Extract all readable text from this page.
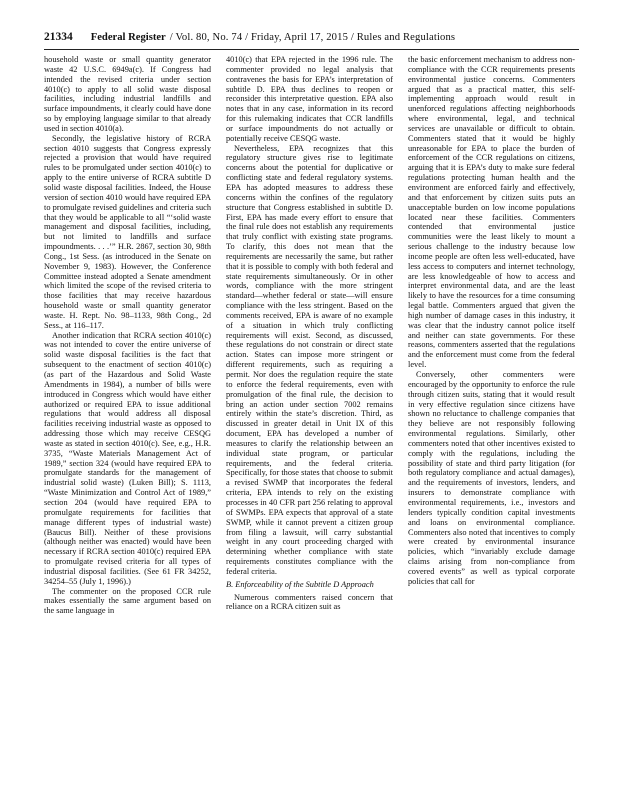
21334 Federal Register / Vol. 80, No. 74 / Friday, April 17, 2015 / Rules and Regulations

household waste or small quantity generator waste 42 U.S.C. 6949a(c). If Congress had intended the revised criteria under section 4010(c) to apply to all solid waste disposal facilities, including industrial landfills and surface impoundments, it clearly could have done so by employing language similar to that already used in section 4010(a).

Secondly, the legislative history of RCRA section 4010 suggests that Congress expressly rejected a provision that would have required rules to be promulgated under section 4010(c) to apply to the entire universe of RCRA subtitle D solid waste disposal facilities. Indeed, the House version of section 4010 would have required EPA to promulgate revised guidelines and criteria such that they would be applicable to all “‘solid waste management and disposal facilities, including, but not limited to landfills and surface impoundments. . . .’” H.R. 2867, section 30, 98th Cong., 1st Sess. (as introduced in the Senate on November 9, 1983). However, the Conference Committee instead adopted a Senate amendment which limited the scope of the revised criteria to those facilities that may receive hazardous household waste or small quantity generator waste. H. Rept. No. 98–1133, 98th Cong., 2d Sess., at 116–117.

Another indication that RCRA section 4010(c) was not intended to cover the entire universe of solid waste disposal facilities is the fact that subsequent to the enactment of section 4010(c) (as part of the Hazardous and Solid Waste Amendments in 1984), a number of bills were introduced in Congress which would have either authorized or required EPA to issue additional regulations that would address all disposal facilities receiving industrial waste as opposed to addressing those which may receive CESQG waste as stated in section 4010(c). See, e.g., H.R. 3735, “Waste Materials Management Act of 1989,” section 324 (would have required EPA to promulgate standards for the management of industrial solid waste) (Luken Bill); S. 1113, “Waste Minimization and Control Act of 1989,” section 204 (would have required EPA to promulgate requirements for facilities that manage different types of industrial waste) (Baucus Bill). Neither of these provisions (although neither was enacted) would have been necessary if RCRA section 4010(c) required EPA to promulgate revised criteria for all types of industrial disposal facilities. (See 61 FR 34252, 34254–55 (July 1, 1996).)

The commenter on the proposed CCR rule makes essentially the same argument based on the same language in

4010(c) that EPA rejected in the 1996 rule. The commenter provided no legal analysis that contravenes the basis for EPA’s interpretation of subtitle D. EPA thus declines to reopen or reconsider this interpretative question. EPA also notes that in any case, information in its record for this rulemaking indicates that CCR landfills or surface impoundments do not actually or potentially receive CESQG waste.

Nevertheless, EPA recognizes that this regulatory structure gives rise to legitimate concerns about the potential for duplicative or conflicting state and federal regulatory systems. EPA has adopted measures to address these concerns within the confines of the regulatory structure that Congress established in subtitle D. First, EPA has made every effort to ensure that the final rule does not establish any requirements that truly conflict with existing state programs. To clarify, this does not mean that the requirements are necessarily the same, but rather that it is possible to comply with both federal and state requirements simultaneously. Or in other words, compliance with the more stringent standard—whether federal or state—will ensure compliance with the less stringent. Based on the comments received, EPA is aware of no example of a situation in which truly conflicting requirements will exist. Second, as discussed, these regulations do not constrain or direct state action. States can impose more stringent or different requirements, such as requiring a permit. Nor does the regulation require the state to enforce the federal requirements, even with promulgation of the final rule, the decision to bring an action under section 7002 remains entirely within the state’s discretion. Third, as discussed in greater detail in Unit IX of this document, EPA has developed a number of measures to clarify the relationship between an individual state program, or particular requirements, and the federal criteria. Specifically, for those states that choose to submit a revised SWMP that incorporates the federal criteria, EPA intends to rely on the existing processes in 40 CFR part 256 relating to approval of SWMPs. EPA expects that approval of a state SWMP, while it cannot prevent a citizen group from filing a lawsuit, will carry substantial weight in any court proceeding charged with determining whether compliance with state requirements constitutes compliance with the federal criteria.

B. Enforceability of the Subtitle D Approach

Numerous commenters raised concern that reliance on a RCRA citizen suit as

the basic enforcement mechanism to address non-compliance with the CCR requirements presents environmental justice concerns. Commenters argued that as a practical matter, this self-implementing approach would result in unenforced regulations affecting neighborhoods where environmental, legal, and technical services are unavailable or difficult to obtain. Commenters stated that it would be highly unreasonable for EPA to place the burden of enforcement of the CCR regulations on citizens, arguing that it is EPA’s duty to make sure federal regulations protecting human health and the environment are enforced fairly and effectively, and that enforcement by citizen suits puts an unacceptable burden on low income populations located near these facilities. Commenters contended that environmental justice communities were the least likely to mount a serious challenge to the industry because low income people are often less well-educated, have less access to computers and internet technology, are less knowledgeable of how to access and interpret environmental data, and are the least likely to have the resources for a time consuming legal battle. Commenters argued that given the high number of damage cases in this industry, it was clear that the industry cannot police itself and neither can state governments. For these reasons, commenters asserted that the regulations and the enforcement must come from the federal level.

Conversely, other commenters were encouraged by the opportunity to enforce the rule through citizen suits, stating that it would result in very effective regulation since citizens have shown no reluctance to challenge companies that they believe are not responsibly following environmental regulations. Similarly, other commenters noted that other incentives existed to comply with the regulations, including the possibility of state and third party litigation (for both regulatory compliance and actual damages), and the requirements of investors, lenders, and insurers to demonstrate compliance with environmental requirements, i.e., investors and lenders typically condition capital investments and loans on environmental compliance. Commenters also noted that incentives to comply were created by environmental insurance policies, which “invariably exclude damage claims arising from non-compliance from covered events” as well as typical corporate policies that call for
